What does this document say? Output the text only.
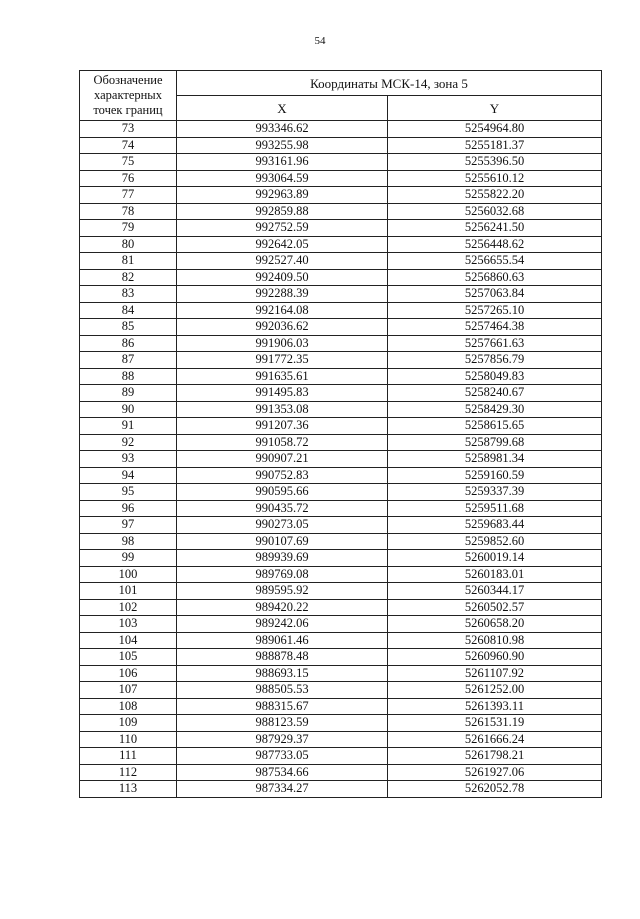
54
Обозначение характерных точек границ	Координаты МСК-14, зона 5	
	X	Y
73	993346.62	5254964.80
74	993255.98	5255181.37
75	993161.96	5255396.50
76	993064.59	5255610.12
77	992963.89	5255822.20
78	992859.88	5256032.68
79	992752.59	5256241.50
80	992642.05	5256448.62
81	992527.40	5256655.54
82	992409.50	5256860.63
83	992288.39	5257063.84
84	992164.08	5257265.10
85	992036.62	5257464.38
86	991906.03	5257661.63
87	991772.35	5257856.79
88	991635.61	5258049.83
89	991495.83	5258240.67
90	991353.08	5258429.30
91	991207.36	5258615.65
92	991058.72	5258799.68
93	990907.21	5258981.34
94	990752.83	5259160.59
95	990595.66	5259337.39
96	990435.72	5259511.68
97	990273.05	5259683.44
98	990107.69	5259852.60
99	989939.69	5260019.14
100	989769.08	5260183.01
101	989595.92	5260344.17
102	989420.22	5260502.57
103	989242.06	5260658.20
104	989061.46	5260810.98
105	988878.48	5260960.90
106	988693.15	5261107.92
107	988505.53	5261252.00
108	988315.67	5261393.11
109	988123.59	5261531.19
110	987929.37	5261666.24
111	987733.05	5261798.21
112	987534.66	5261927.06
113	987334.27	5262052.78
